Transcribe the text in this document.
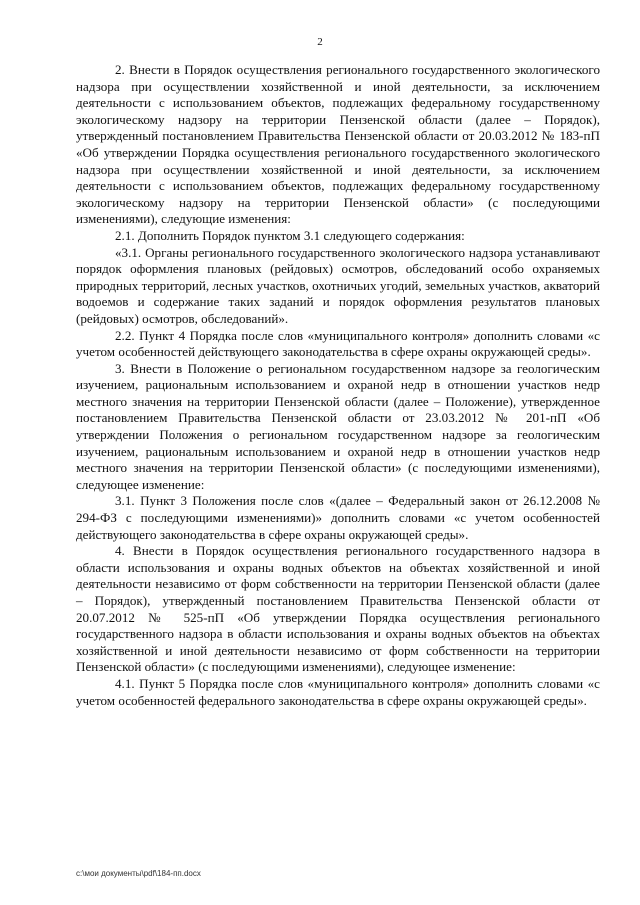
2

2. Внести в Порядок осуществления регионального государственного экологического надзора при осуществлении хозяйственной и иной деятельности, за исключением деятельности с использованием объектов, подлежащих федеральному государственному экологическому надзору на территории Пензенской области (далее – Порядок), утвержденный постановлением Правительства Пензенской области от 20.03.2012 № 183-пП «Об утверждении Порядка осуществления регионального государственного экологического надзора при осуществлении хозяйственной и иной деятельности, за исключением деятельности с использованием объектов, подлежащих федеральному государственному экологическому надзору на территории Пензенской области» (с последующими изменениями), следующие изменения:

2.1. Дополнить Порядок пунктом 3.1 следующего содержания:

«3.1. Органы регионального государственного экологического надзора устанавливают порядок оформления плановых (рейдовых) осмотров, обследований особо охраняемых природных территорий, лесных участков, охотничьих угодий, земельных участков, акваторий водоемов и содержание таких заданий и порядок оформления результатов плановых (рейдовых) осмотров, обследований».

2.2. Пункт 4 Порядка после слов «муниципального контроля» дополнить словами «с учетом особенностей действующего законодательства в сфере охраны окружающей среды».

3. Внести в Положение о региональном государственном надзоре за геологическим изучением, рациональным использованием и охраной недр в отношении участков недр местного значения на территории Пензенской области (далее – Положение), утвержденное постановлением Правительства Пензенской области от 23.03.2012 № 201-пП «Об утверждении Положения о региональном государственном надзоре за геологическим изучением, рациональным использованием и охраной недр в отношении участков недр местного значения на территории Пензенской области» (с последующими изменениями), следующее изменение:

3.1. Пункт 3 Положения после слов «(далее – Федеральный закон от 26.12.2008 № 294-ФЗ с последующими изменениями)» дополнить словами «с учетом особенностей действующего законодательства в сфере охраны окружающей среды».

4. Внести в Порядок осуществления регионального государственного надзора в области использования и охраны водных объектов на объектах хозяйственной и иной деятельности независимо от форм собственности на территории Пензенской области (далее – Порядок), утвержденный постановлением Правительства Пензенской области от 20.07.2012 № 525-пП «Об утверждении Порядка осуществления регионального государственного надзора в области использования и охраны водных объектов на объектах хозяйственной и иной деятельности независимо от форм собственности на территории Пензенской области» (с последующими изменениями), следующее изменение:

4.1. Пункт 5 Порядка после слов «муниципального контроля» дополнить словами «с учетом особенностей федерального законодательства в сфере охраны окружающей среды».

c:\мои документы\pdf\184-пп.docx
